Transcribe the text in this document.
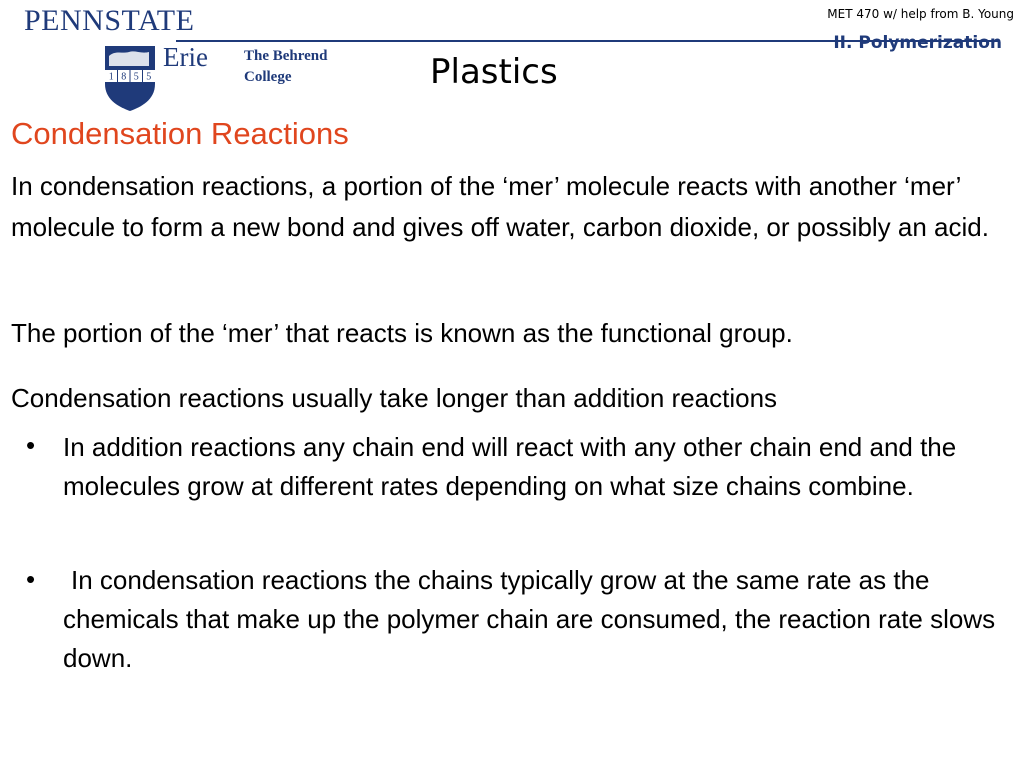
PENNSTATE	MET 470 w/ help from B. Young
II. Polymerization
1 8 5 5
Erie The Behrend
College	Plastics
Condensation Reactions

In condensation reactions, a portion of the ‘mer’ molecule reacts with another ‘mer’ molecule to form a new bond and gives off water, carbon dioxide, or possibly an acid.

The portion of the ‘mer’ that reacts is known as the functional group.

Condensation reactions usually take longer than addition reactions

• In addition reactions any chain end will react with any other chain end and the molecules grow at different rates depending on what size chains combine.

•	In condensation reactions the chains typically grow at the same rate as the chemicals that make up the polymer chain are consumed, the reaction rate slows down.
